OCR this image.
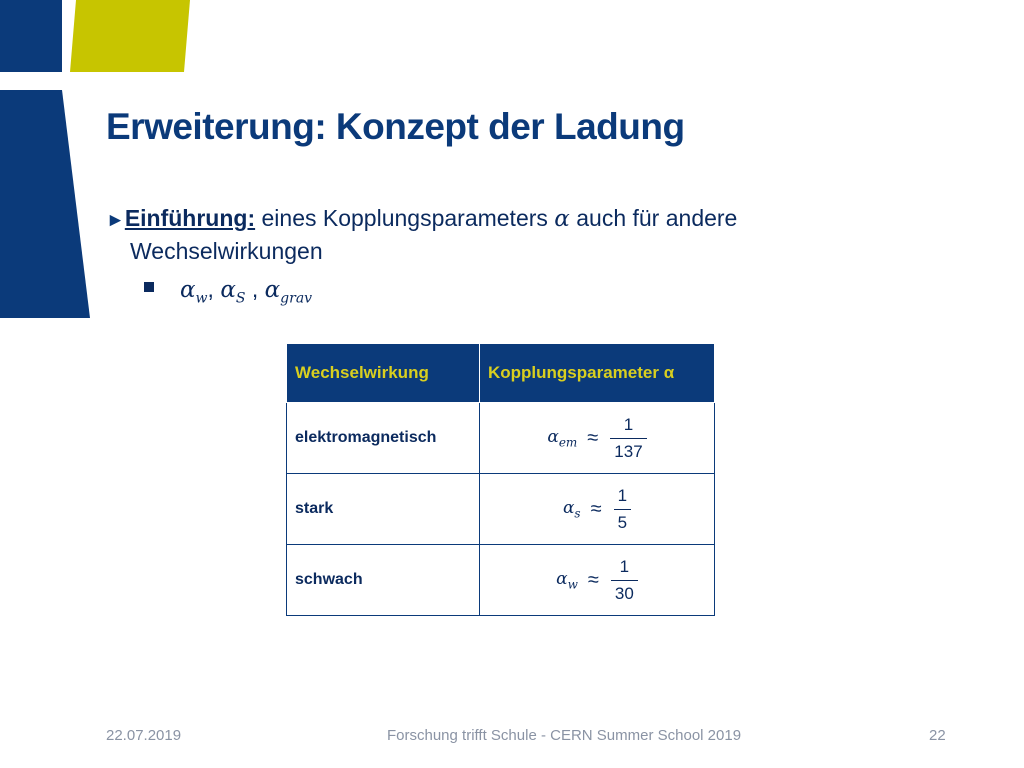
Erweiterung: Konzept der Ladung
►Einführung: eines Kopplungsparameters α auch für andere
Wechselwirkungen
$\alpha_w$, $\alpha_S$ , $\alpha_{grav}$
Wechselwirkung	Kopplungsparameter α
elektromagnetisch	$\alpha_{em} \approx \frac{1}{137}$

stark	$\alpha_s \approx \frac{1}{5}$

schwach	$\alpha_w \approx \frac{1}{30}$
22.07.2019	Forschung trifft Schule - CERN Summer School 2019	22
